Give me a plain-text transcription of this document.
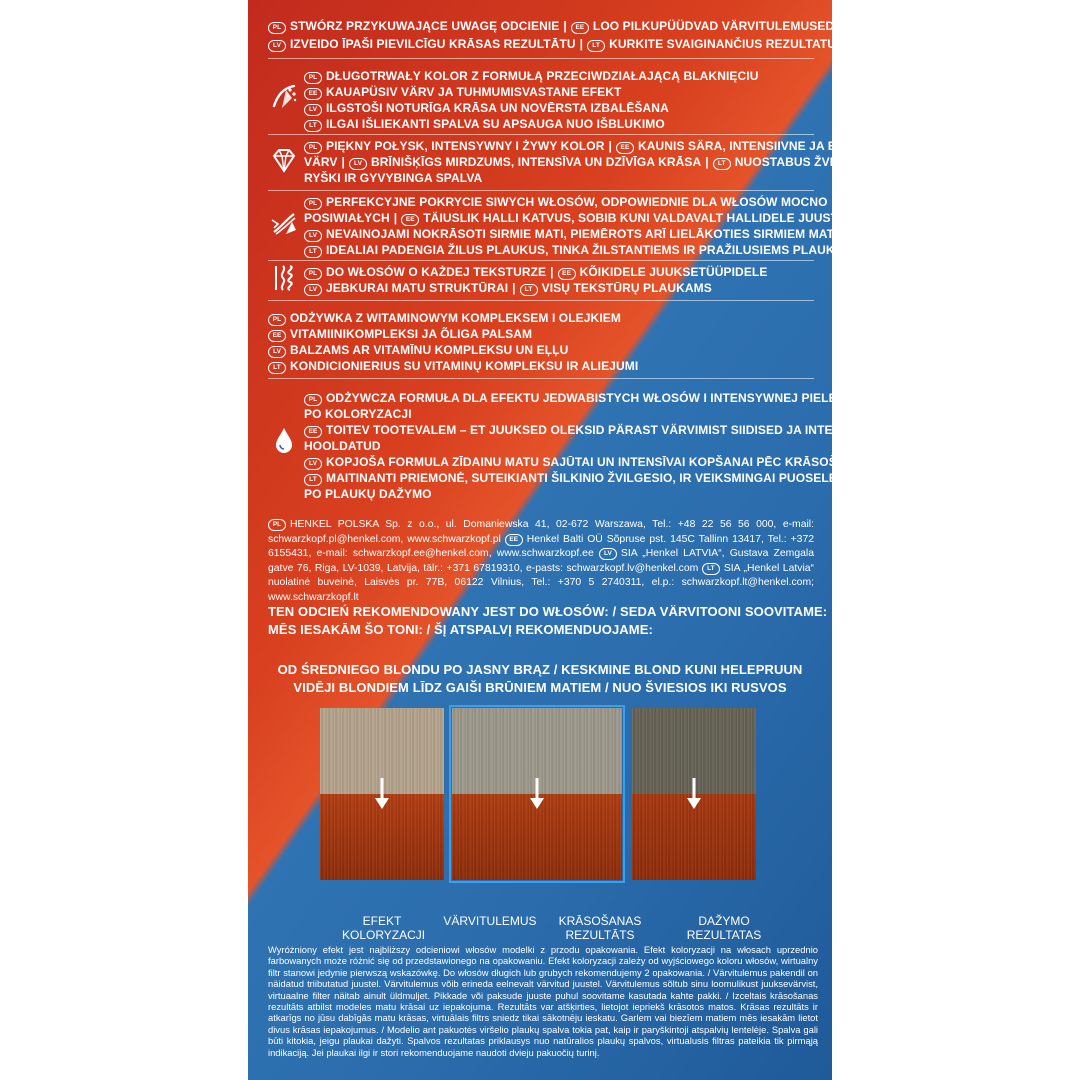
PL STWÓRZ PRZYKUWAJĄCE UWAGĘ ODCIENIE | EE LOO PILKUPÜÜDVAD VÄRVITULEMUSED
LV IZVEIDO ĪPAŠI PIEVILCĪGU KRĀSAS REZULTĀTU | LT KURKITE SVAIGINANČIUS REZULTATUS
PL DŁUGOTRWAŁY KOLOR Z FORMUŁĄ PRZECIWDZIAŁAJĄCĄ BLAKNIĘCIU
EE KAUAPÜSIV VÄRV JA TUHMUMISVASTANE EFEKT
LV ILGSTOŠI NOTURĪGA KRĀSA UN NOVĒRSTA IZBALĒŠANA
LT ILGAI IŠLIEKANTI SPALVA SU APSAUGA NUO IŠBLUKIMO
PL PIĘKNY POŁYSK, INTENSYWNY I ŻYWY KOLOR | EE KAUNIS SÄRA, INTENSIIVNE JA ERK
VÄRV | LV BRĪNIŠĶĪGS MIRDZUMS, INTENSĪVA UN DZĪVĪGA KRĀSA | LT NUOSTABUS ŽVILGESYS,
RYŠKI IR GYVYBINGA SPALVA
PL PERFEKCYJNE POKRYCIE SIWYCH WŁOSÓW, ODPOWIEDNIE DLA WŁOSÓW MOCNO
POSIWIAŁYCH | EE TÄIUSLIK HALLI KATVUS, SOBIB KUNI VALDAVALT HALLIDELE JUUSTELE
LV NEVAINOJAMI NOKRĀSOTI SIRMIE MATI, PIEMĒROTS ARĪ LIELĀKOTIES SIRMIEM MATIEM
LT IDEALIAI PADENGIA ŽILUS PLAUKUS, TINKA ŽILSTANTIEMS IR PRAŽILUSIEMS PLAUKAMS
PL DO WŁOSÓW O KAŻDEJ TEKSTURZE | EE KÕIKIDELE JUUKSETÜÜPIDELE
LV JEBKURAI MATU STRUKTŪRAI | LT VISŲ TEKSTŪRŲ PLAUKAMS
PL ODŻYWKA Z WITAMINOWYM KOMPLEKSEM I OLEJKIEM
EE VITAMIINIKOMPLEKSI JA ÕLIGA PALSAM
LV BALZAMS AR VITAMĪNU KOMPLEKSU UN EĻĻU
LT KONDICIONIERIUS SU VITAMINŲ KOMPLEKSU IR ALIEJUMI
PL ODŻYWCZA FORMUŁA DLA EFEKTU JEDWABISTYCH WŁOSÓW I INTENSYWNEJ PIELĘGNACJI
PO KOLORYZACJI
EE TOITEV TOOTEVALEM – ET JUUKSED OLEKSID PÄRAST VÄRVIMIST SIIDISED JA INTENSIIVSELT
HOOLDATUD
LV KOPJOŠA FORMULA ZĪDAINU MATU SAJŪTAI UN INTENSĪVAI KOPŠANAI PĒC KRĀSOŠANAS
LT MAITINANTI PRIEMONĖ, SUTEIKIANTI ŠILKINIO ŽVILGESIO, IR VEIKSMINGAI PUOSELĖJANTI
PO PLAUKŲ DAŽYMO
PL HENKEL POLSKA Sp. z o.o., ul. Domaniewska 41, 02-672 Warszawa, Tel.: +48 22 56 56 000, e-mail: schwarzkopf.pl@henkel.com, www.schwarzkopf.pl EE Henkel Balti OÜ Sõpruse pst. 145C Tallinn 13417, Tel.: +372 6155431, e-mail: schwarzkopf.ee@henkel.com, www.schwarzkopf.ee LV SIA „Henkel LATVIA“, Gustava Zemgala gatve 76, Riga, LV-1039, Latvija, tālr.: +371 67819310, e-pasts: schwarzkopf.lv@henkel.com LT SIA „Henkel Latvia“ nuolatinė buveinė, Laisvės pr. 77B, 06122 Vilnius, Tel.: +370 5 2740311, el.p.: schwarzkopf.lt@henkel.com; www.schwarzkopf.lt
TEN ODCIEŃ REKOMENDOWANY JEST DO WŁOSÓW: / SEDA VÄRVITOONI SOOVITAME:
MĒS IESAKĀM ŠO TONI: / ŠĮ ATSPALVĮ REKOMENDUOJAME:
OD ŚREDNIEGO BLONDU PO JASNY BRĄZ / KESKMINE BLOND KUNI HELEPRUUN
VIDĒJI BLONDIEM LĪDZ GAIŠI BRŪNIEM MATIEM / NUO ŠVIESIOS IKI RUSVOS
EFEKT KOLORYZACJI
VÄRVITULEMUS	KRĀSOŠANAS REZULTĀTS
DAŽYMO REZULTATAS
Wyróżniony efekt jest najbliższy odcieniowi włosów modelki z przodu opakowania. Efekt koloryzacji na włosach uprzednio farbowanych może różnić się od przedstawionego na opakowaniu. Efekt koloryzacji zależy od wyjściowego koloru włosów, wirtualny filtr stanowi jedynie pierwszą wskazówkę. Do włosów długich lub grubych rekomendujemy 2 opakowania. / Värvitulemus pakendil on näidatud triibutatud juustel. Värvitulemus võib erineda eelnevalt värvitud juustel. Värvitulemus sõltub sinu loomulikust juuksevärvist, virtuaalne filter näitab ainult üldmuljet. Pikkade või paksude juuste puhul soovitame kasutada kahte pakki. / Izceltais krāsošanas rezultāts atbilst modeles matu krāsai uz iepakojuma. Rezultāts var atšķirties, lietojot iepriekš krāsotos matos. Krāsas rezultāts ir atkarīgs no jūsu dabīgās matu krāsas, virtuālais filtrs sniedz tikai sākotnēju ieskatu. Garlem vai biezīem matiem mēs iesakām lietot divus krāsas iepakojumus. / Modelio ant pakuotės viršelio plaukų spalva tokia pat, kaip ir paryškintoji atspalvių lentelėje. Spalva gali būti kitokia, jeigu plaukai dažyti. Spalvos rezultatas priklausys nuo natūralios plaukų spalvos, virtualusis filtras pateikia tik pirmąją indikaciją. Jei plaukai ilgi ir stori rekomenduojame naudoti dvieju pakuočių turinį.
